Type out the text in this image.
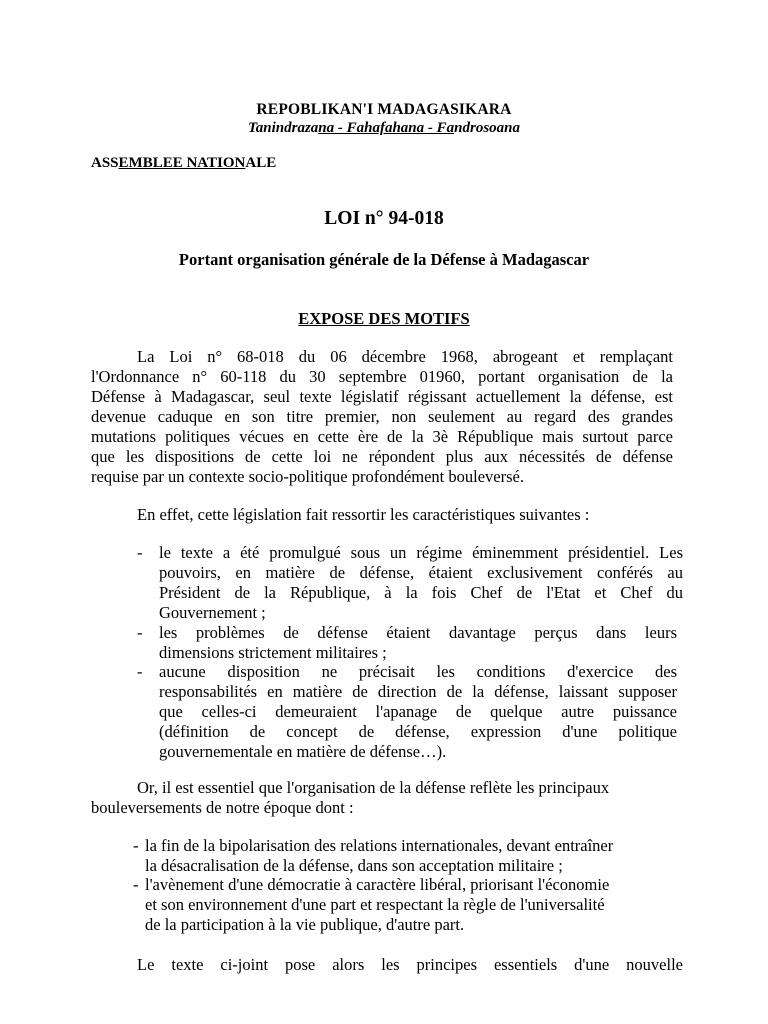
REPOBLIKAN'I MADAGASIKARA
Tanindrazana - Fahafahana - Fandrosoana
ASSEMBLEE NATIONALE
LOI n° 94-018
Portant organisation générale de la Défense à Madagascar
EXPOSE DES MOTIFS
La Loi n° 68-018 du 06 décembre 1968, abrogeant et remplaçant
l'Ordonnance n° 60-118 du 30 septembre 01960, portant organisation de la
Défense à Madagascar, seul texte législatif régissant actuellement la défense, est
devenue caduque en son titre premier, non seulement au regard des grandes
mutations politiques vécues en cette ère de la 3è République mais surtout parce
que les dispositions de cette loi ne répondent plus aux nécessités de défense
requise par un contexte socio-politique profondément bouleversé.
En effet, cette législation fait ressortir les caractéristiques suivantes :
- le texte a été promulgué sous un régime éminemment présidentiel. Les
pouvoirs, en matière de défense, étaient exclusivement conférés au
Président de la République, à la fois Chef de l'Etat et Chef du
Gouvernement ;
- les problèmes de défense étaient davantage perçus dans leurs
dimensions strictement militaires ;
- aucune disposition ne précisait les conditions d'exercice des
responsabilités en matière de direction de la défense, laissant supposer
que celles-ci demeuraient l'apanage de quelque autre puissance
(définition de concept de défense, expression d'une politique
gouvernementale en matière de défense…).
Or, il est essentiel que l'organisation de la défense reflète les principaux
bouleversements de notre époque dont :
- la fin de la bipolarisation des relations internationales, devant entraîner
la désacralisation de la défense, dans son acceptation militaire ;
- l'avènement d'une démocratie à caractère libéral, priorisant l'économie
et son environnement d'une part et respectant la règle de l'universalité
de la participation à la vie publique, d'autre part.
Le texte ci-joint pose alors les principes essentiels d'une nouvelle
